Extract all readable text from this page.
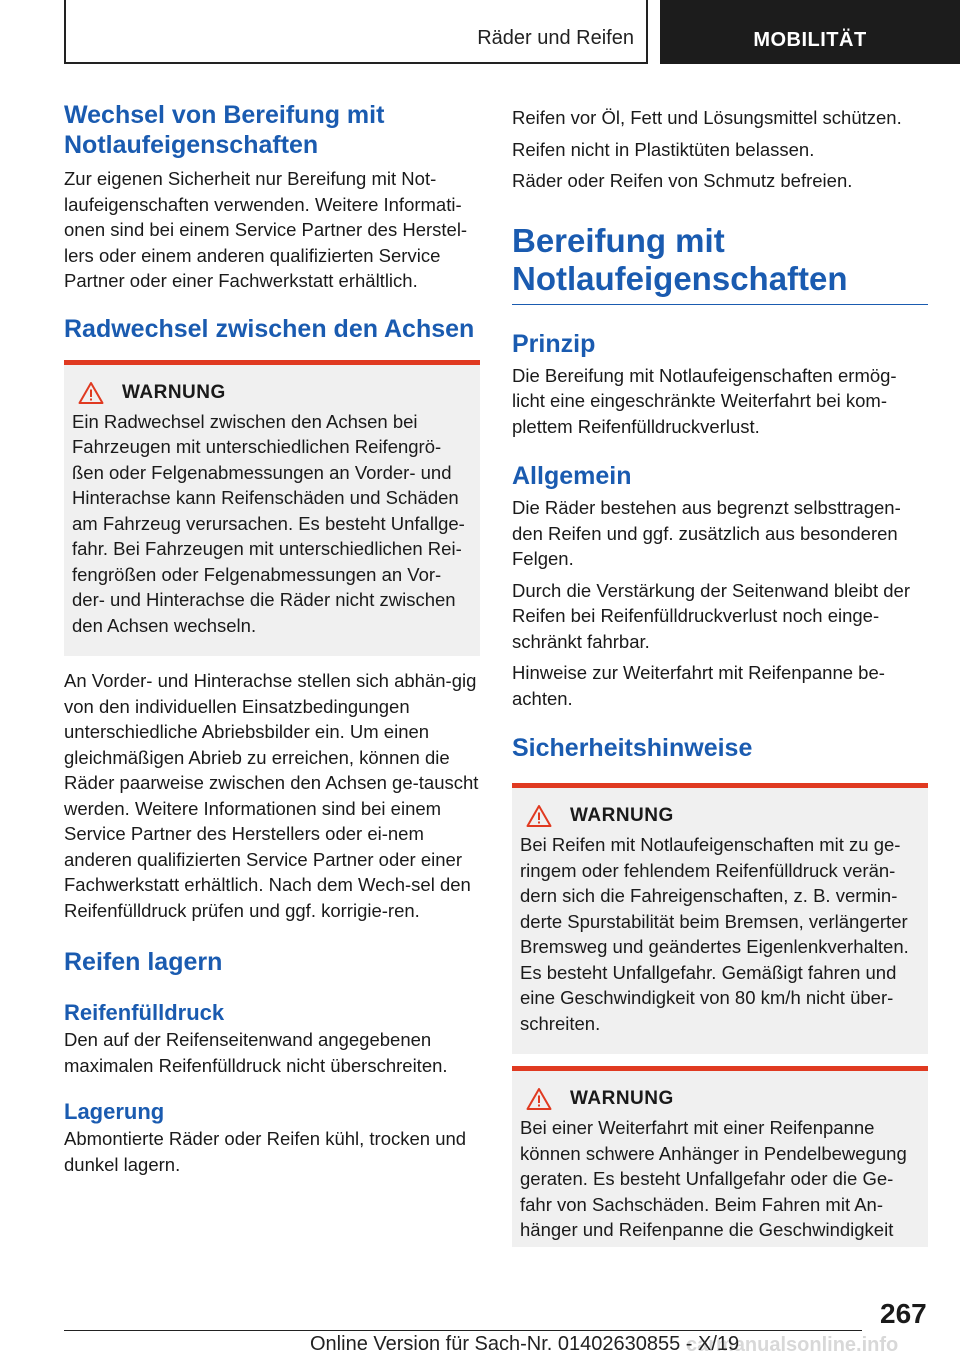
Räder und Reifen	MOBILITÄT
Wechsel von Bereifung mit Notlaufeigenschaften

Zur eigenen Sicherheit nur Bereifung mit Not-laufeigenschaften verwenden. Weitere Informati-onen sind bei einem Service Partner des Herstel-lers oder einem anderen qualifizierten Service Partner oder einer Fachwerkstatt erhältlich.

Radwechsel zwischen den Achsen
WARNUNG

Ein Radwechsel zwischen den Achsen bei Fahrzeugen mit unterschiedlichen Reifengrö-ßen oder Felgenabmessungen an Vorder- und Hinterachse kann Reifenschäden und Schäden am Fahrzeug verursachen. Es besteht Unfallge-fahr. Bei Fahrzeugen mit unterschiedlichen Rei-fengrößen oder Felgenabmessungen an Vor-der- und Hinterachse die Räder nicht zwischen den Achsen wechseln.

An Vorder- und Hinterachse stellen sich abhän-gig von den individuellen Einsatzbedingungen unterschiedliche Abriebsbilder ein. Um einen gleichmäßigen Abrieb zu erreichen, können die Räder paarweise zwischen den Achsen ge-tauscht werden. Weitere Informationen sind bei einem Service Partner des Herstellers oder ei-nem anderen qualifizierten Service Partner oder einer Fachwerkstatt erhältlich. Nach dem Wech-sel den Reifenfülldruck prüfen und ggf. korrigie-ren.

Reifen lagern
Reifenfülldruck

Den auf der Reifenseitenwand angegebenen maximalen Reifenfülldruck nicht überschreiten.

Lagerung

Abmontierte Räder oder Reifen kühl, trocken und dunkel lagern.

Reifen vor Öl, Fett und Lösungsmittel schützen.

Reifen nicht in Plastiktüten belassen.

Räder oder Reifen von Schmutz befreien.

Bereifung mit Notlaufeigenschaften
Prinzip

Die Bereifung mit Notlaufeigenschaften ermög-licht eine eingeschränkte Weiterfahrt bei kom-plettem Reifenfülldruckverlust.

Allgemein

Die Räder bestehen aus begrenzt selbsttragen-den Reifen und ggf. zusätzlich aus besonderen Felgen.

Durch die Verstärkung der Seitenwand bleibt der Reifen bei Reifenfülldruckverlust noch einge-schränkt fahrbar.

Hinweise zur Weiterfahrt mit Reifenpanne be-achten.

Sicherheitshinweise
WARNUNG

Bei Reifen mit Notlaufeigenschaften mit zu ge-ringem oder fehlendem Reifenfülldruck verän-dern sich die Fahreigenschaften, z. B. vermin-derte Spurstabilität beim Bremsen, verlängerter Bremsweg und geändertes Eigenlenkverhalten. Es besteht Unfallgefahr. Gemäßigt fahren und eine Geschwindigkeit von 80 km/h nicht über-schreiten.

WARNUNG

Bei einer Weiterfahrt mit einer Reifenpanne können schwere Anhänger in Pendelbewegung geraten. Es besteht Unfallgefahr oder die Ge-fahr von Sachschäden. Beim Fahren mit An-hänger und Reifenpanne die Geschwindigkeit

267
carmanualsonline.info
Online Version für Sach-Nr. 01402630855 - X/19
